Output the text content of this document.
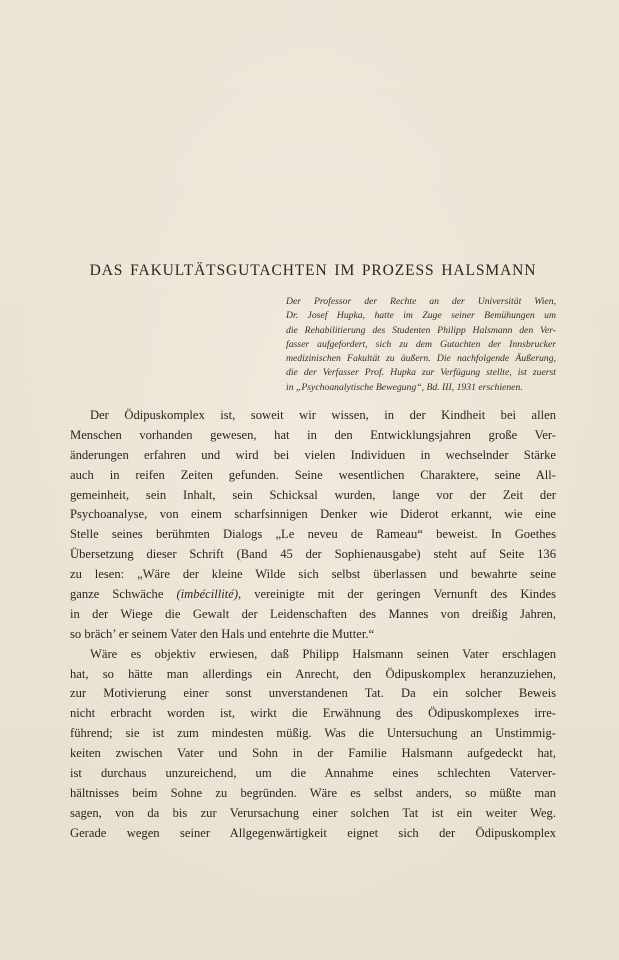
DAS FAKULTÄTSGUTACHTEN IM PROZESS HALSMANN
Der Professor der Rechte an der Universität Wien,
Dr. Josef Hupka, hatte im Zuge seiner Bemühungen um
die Rehabilitierung des Studenten Philipp Halsmann den Ver-
fasser aufgefordert, sich zu dem Gutachten der Innsbrucker
medizinischen Fakultät zu äußern. Die nachfolgende Äußerung,
die der Verfasser Prof. Hupka zur Verfügung stellte, ist zuerst
in „Psychoanalytische Bewegung“, Bd. III, 1931 erschienen.
Der Ödipuskomplex ist, soweit wir wissen, in der Kindheit bei allen
Menschen vorhanden gewesen, hat in den Entwicklungsjahren große Ver-
änderungen erfahren und wird bei vielen Individuen in wechselnder Stärke
auch in reifen Zeiten gefunden. Seine wesentlichen Charaktere, seine All-
gemeinheit, sein Inhalt, sein Schicksal wurden, lange vor der Zeit der
Psychoanalyse, von einem scharfsinnigen Denker wie Diderot erkannt, wie eine
Stelle seines berühmten Dialogs „Le neveu de Rameau“ beweist. In Goethes
Übersetzung dieser Schrift (Band 45 der Sophienausgabe) steht auf Seite 136
zu lesen: „Wäre der kleine Wilde sich selbst überlassen und bewahrte seine
ganze Schwäche (imbécillité), vereinigte mit der geringen Vernunft des Kindes
in der Wiege die Gewalt der Leidenschaften des Mannes von dreißig Jahren,
so bräch’ er seinem Vater den Hals und entehrte die Mutter.“
Wäre es objektiv erwiesen, daß Philipp Halsmann seinen Vater erschlagen
hat, so hätte man allerdings ein Anrecht, den Ödipuskomplex heranzuziehen,
zur Motivierung einer sonst unverstandenen Tat. Da ein solcher Beweis
nicht erbracht worden ist, wirkt die Erwähnung des Ödipuskomplexes irre-
führend; sie ist zum mindesten müßig. Was die Untersuchung an Unstimmig-
keiten zwischen Vater und Sohn in der Familie Halsmann aufgedeckt hat,
ist durchaus unzureichend, um die Annahme eines schlechten Vaterver-
hältnisses beim Sohne zu begründen. Wäre es selbst anders, so müßte man
sagen, von da bis zur Verursachung einer solchen Tat ist ein weiter Weg.
Gerade wegen seiner Allgegenwärtigkeit eignet sich der Ödipuskomplex
